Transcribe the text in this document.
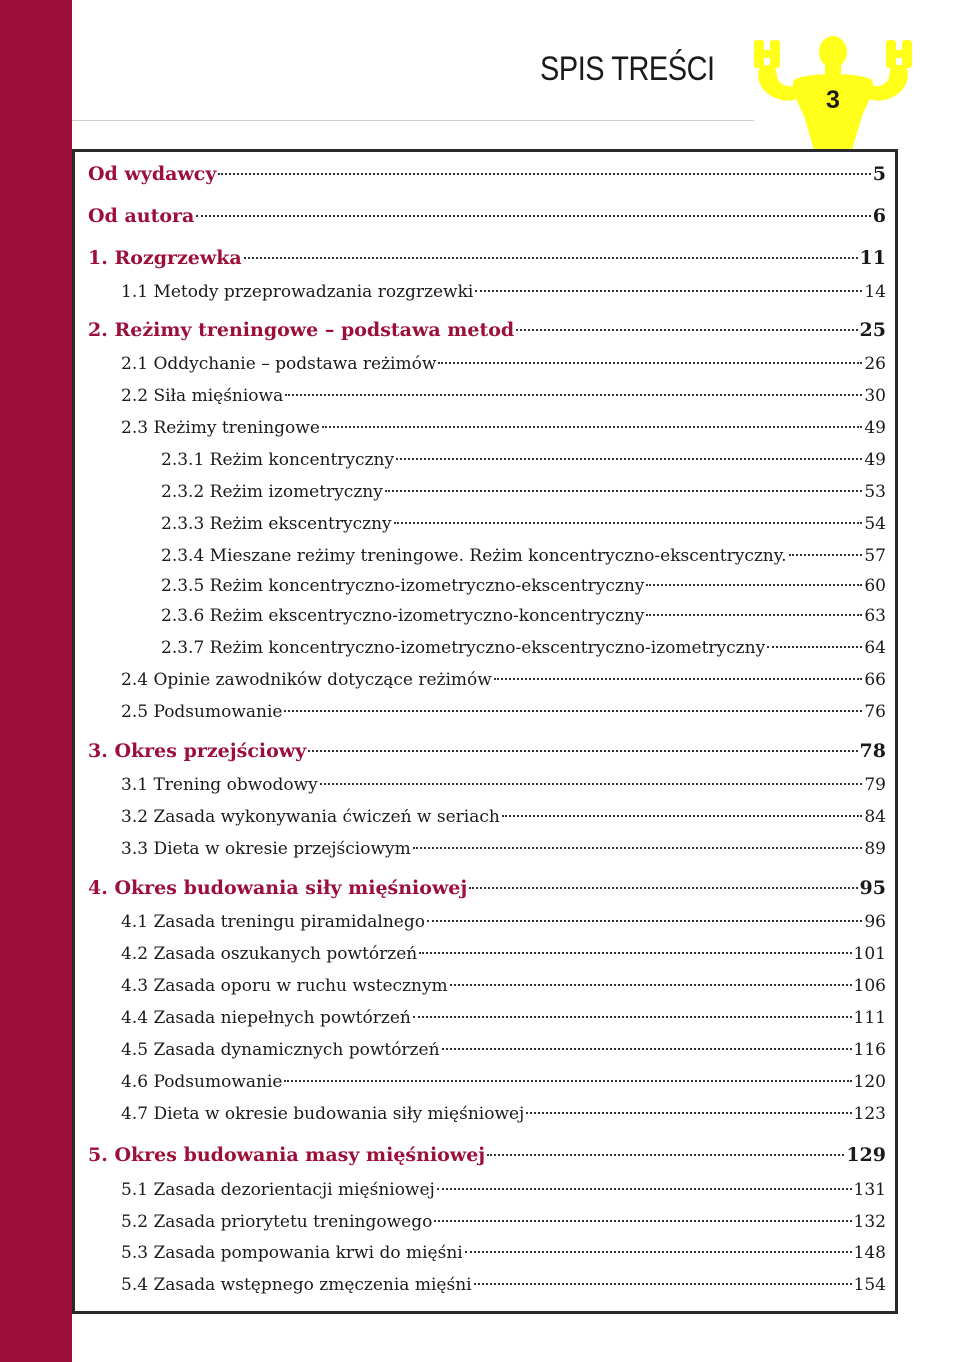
SPIS TREŚCI
3
Od wydawcy	5
Od autora	6
1. Rozgrzewka	11
1.1 Metody przeprowadzania rozgrzewki	14
2. Reżimy treningowe – podstawa metod	25
2.1 Oddychanie – podstawa reżimów	26
2.2 Siła mięśniowa	30
2.3 Reżimy treningowe	49
2.3.1 Reżim koncentryczny	49
2.3.2 Reżim izometryczny	53
2.3.3 Reżim ekscentryczny	54
2.3.4 Mieszane reżimy treningowe. Reżim koncentryczno-ekscentryczny.	57
2.3.5 Reżim koncentryczno-izometryczno-ekscentryczny	60
2.3.6 Reżim ekscentryczno-izometryczno-koncentryczny	63
2.3.7 Reżim koncentryczno-izometryczno-ekscentryczno-izometryczny	64
2.4 Opinie zawodników dotyczące reżimów	66
2.5 Podsumowanie	76
3. Okres przejściowy	78
3.1 Trening obwodowy	79
3.2 Zasada wykonywania ćwiczeń w seriach	84
3.3 Dieta w okresie przejściowym	89
4. Okres budowania siły mięśniowej	95
4.1 Zasada treningu piramidalnego	96
4.2 Zasada oszukanych powtórzeń	101
4.3 Zasada oporu w ruchu wstecznym	106
4.4 Zasada niepełnych powtórzeń	111
4.5 Zasada dynamicznych powtórzeń	116
4.6 Podsumowanie	120
4.7 Dieta w okresie budowania siły mięśniowej	123
5. Okres budowania masy mięśniowej	129
5.1 Zasada dezorientacji mięśniowej	131
5.2 Zasada priorytetu treningowego	132
5.3 Zasada pompowania krwi do mięśni	148
5.4 Zasada wstępnego zmęczenia mięśni	154
